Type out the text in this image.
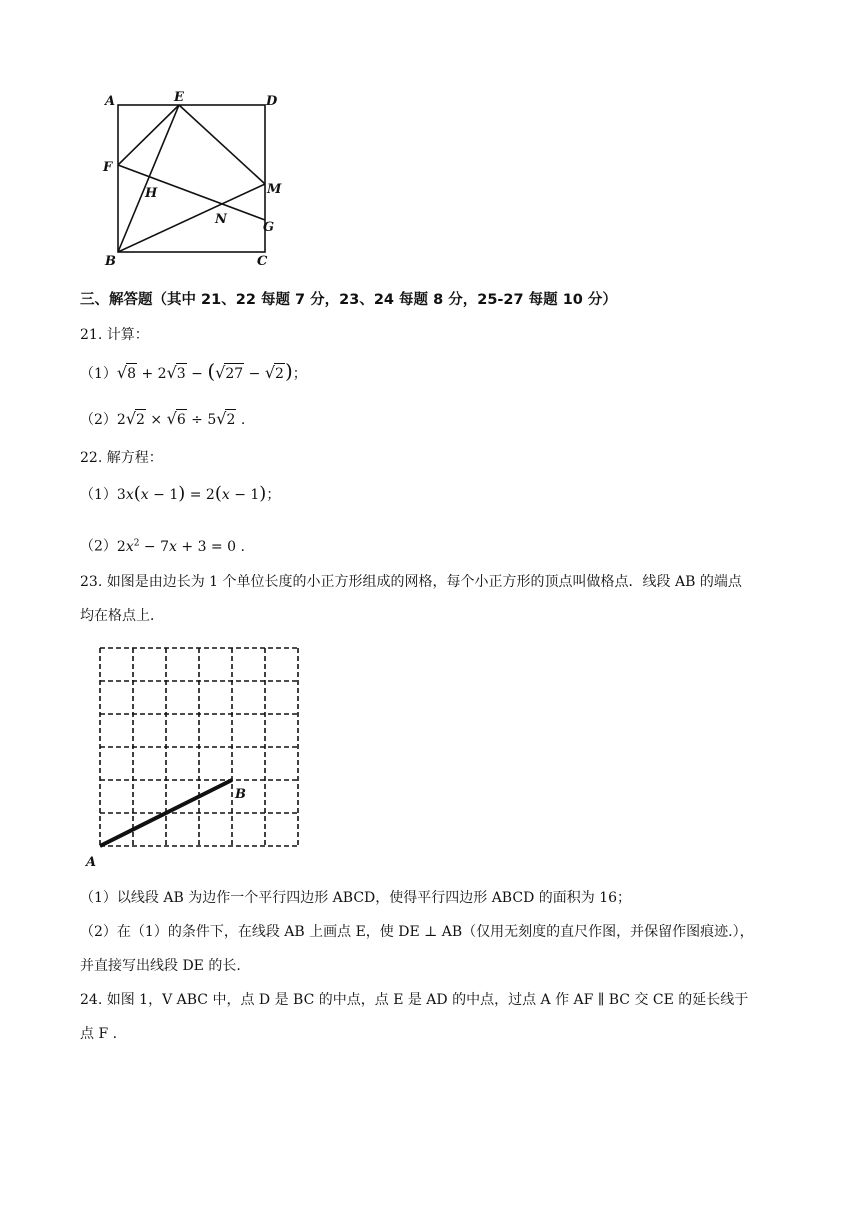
A	E	D
F
H	M
N
G
B	C
三、解答题（其中 21、22 每题 7 分，23、24 每题 8 分，25-27 每题 10 分）
21. 计算：
（1）√8 + 2√3 − (√27 − √2)；
（2）2√2 × √6 ÷ 5√2 .
22. 解方程：
（1）3x(x − 1) = 2(x − 1)；
$(2)2x^2 - 7x + 3 = 0$ .
23. 如图是由边长为 1 个单位长度的小正方形组成的网格，每个小正方形的顶点叫做格点．线段 AB 的端点
均在格点上．
A
B
（1）以线段 AB 为边作一个平行四边形 ABCD，使得平行四边形 ABCD 的面积为 16；
（2）在（1）的条件下，在线段 AB 上画点 E，使 DE ⊥ AB（仅用无刻度的直尺作图，并保留作图痕迹.），
并直接写出线段 DE 的长.
24. 如图 1，V ABC 中，点 D 是 BC 的中点，点 E 是 AD 的中点，过点 A 作 AF ∥ BC 交 CE 的延长线于
点 F .
